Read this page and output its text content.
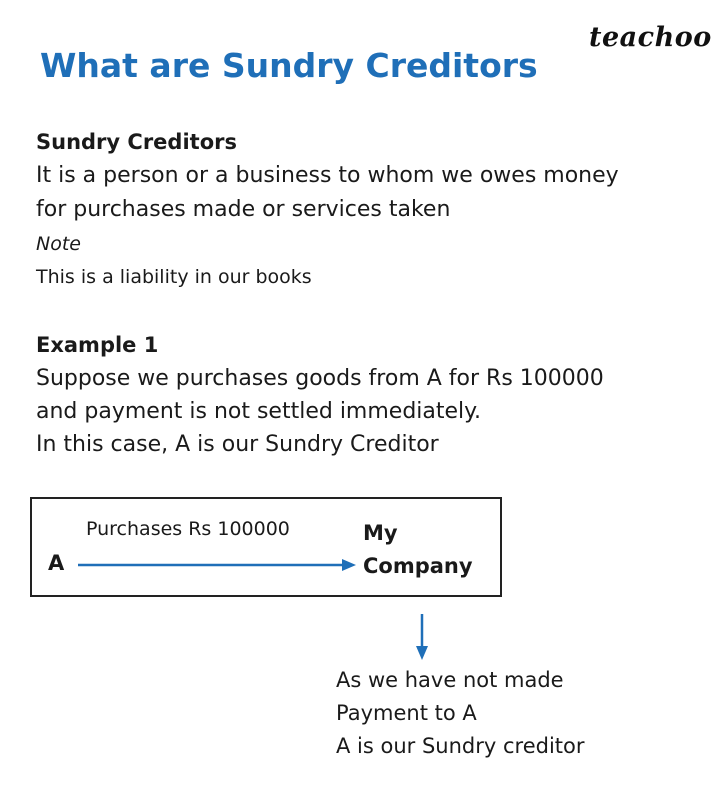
teachoo
What are Sundry Creditors
Sundry Creditors
It is a person or a business to whom we owes money
for purchases made or services taken
Note
This is a liability in our books
Example 1
Suppose we purchases goods from A for Rs 100000
and payment is not settled immediately.
In this case, A is our Sundry Creditor
A
Purchases Rs 100000	My
Company
As we have not made
Payment to A
A is our Sundry creditor
